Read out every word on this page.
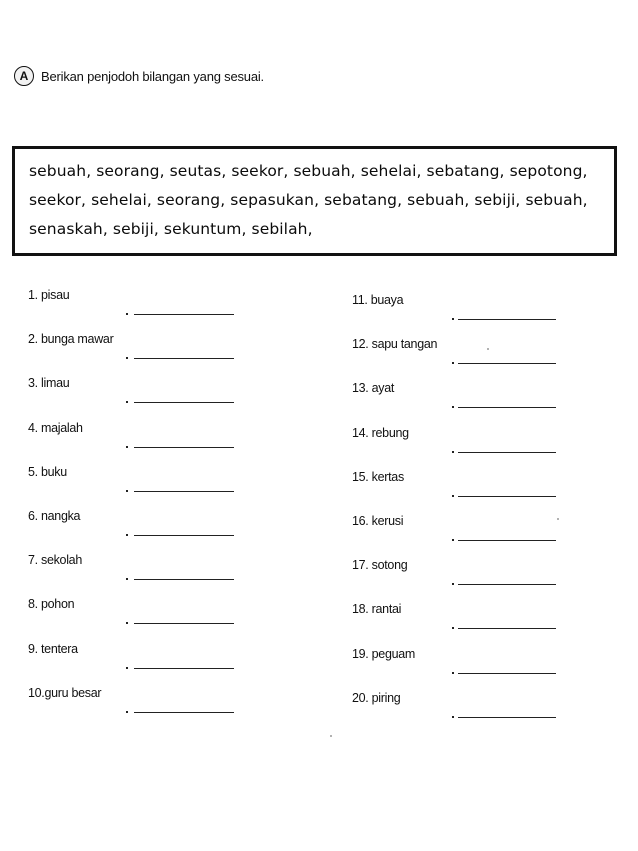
A Berikan penjodoh bilangan yang sesuai.
sebuah, seorang, seutas, seekor, sebuah, sehelai, sebatang, sepotong,
seekor, sehelai, seorang, sepasukan, sebatang, sebuah, sebiji, sebuah,
senaskah, sebiji, sekuntum, sebilah,
1. pisau
2. bunga mawar
3. limau
4. majalah
5. buku
6. nangka
7. sekolah
8. pohon
9. tentera
10.guru besar
11. buaya
12. sapu tangan
13. ayat
14. rebung
15. kertas
16. kerusi
17. sotong
18. rantai
19. peguam
20. piring
